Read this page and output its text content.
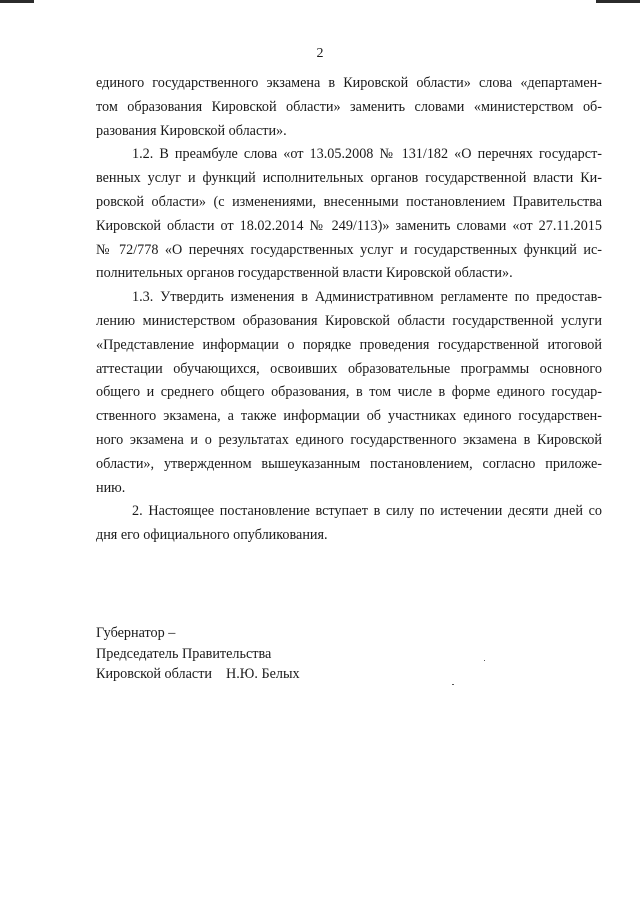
2
единого государственного экзамена в Кировской области» слова «департамен-
том образования Кировской области» заменить словами «министерством об-
разования Кировской области».
1.2. В преамбуле слова «от 13.05.2008 № 131/182 «О перечнях государст-
венных услуг и функций исполнительных органов государственной власти Ки-
ровской области» (с изменениями, внесенными постановлением Правительства
Кировской области от 18.02.2014 № 249/113)» заменить словами «от 27.11.2015
№ 72/778 «О перечнях государственных услуг и государственных функций ис-
полнительных органов государственной власти Кировской области».
1.3. Утвердить изменения в Административном регламенте по предостав-
лению министерством образования Кировской области государственной услуги
«Представление информации о порядке проведения государственной итоговой
аттестации обучающихся, освоивших образовательные программы основного
общего и среднего общего образования, в том числе в форме единого государ-
ственного экзамена, а также информации об участниках единого государствен-
ного экзамена и о результатах единого государственного экзамена в Кировской
области», утвержденном вышеуказанным постановлением, согласно приложе-
нию.
2. Настоящее постановление вступает в силу по истечении десяти дней со
дня его официального опубликования.
Губернатор –
Председатель Правительства
Кировской области Н.Ю. Белых
